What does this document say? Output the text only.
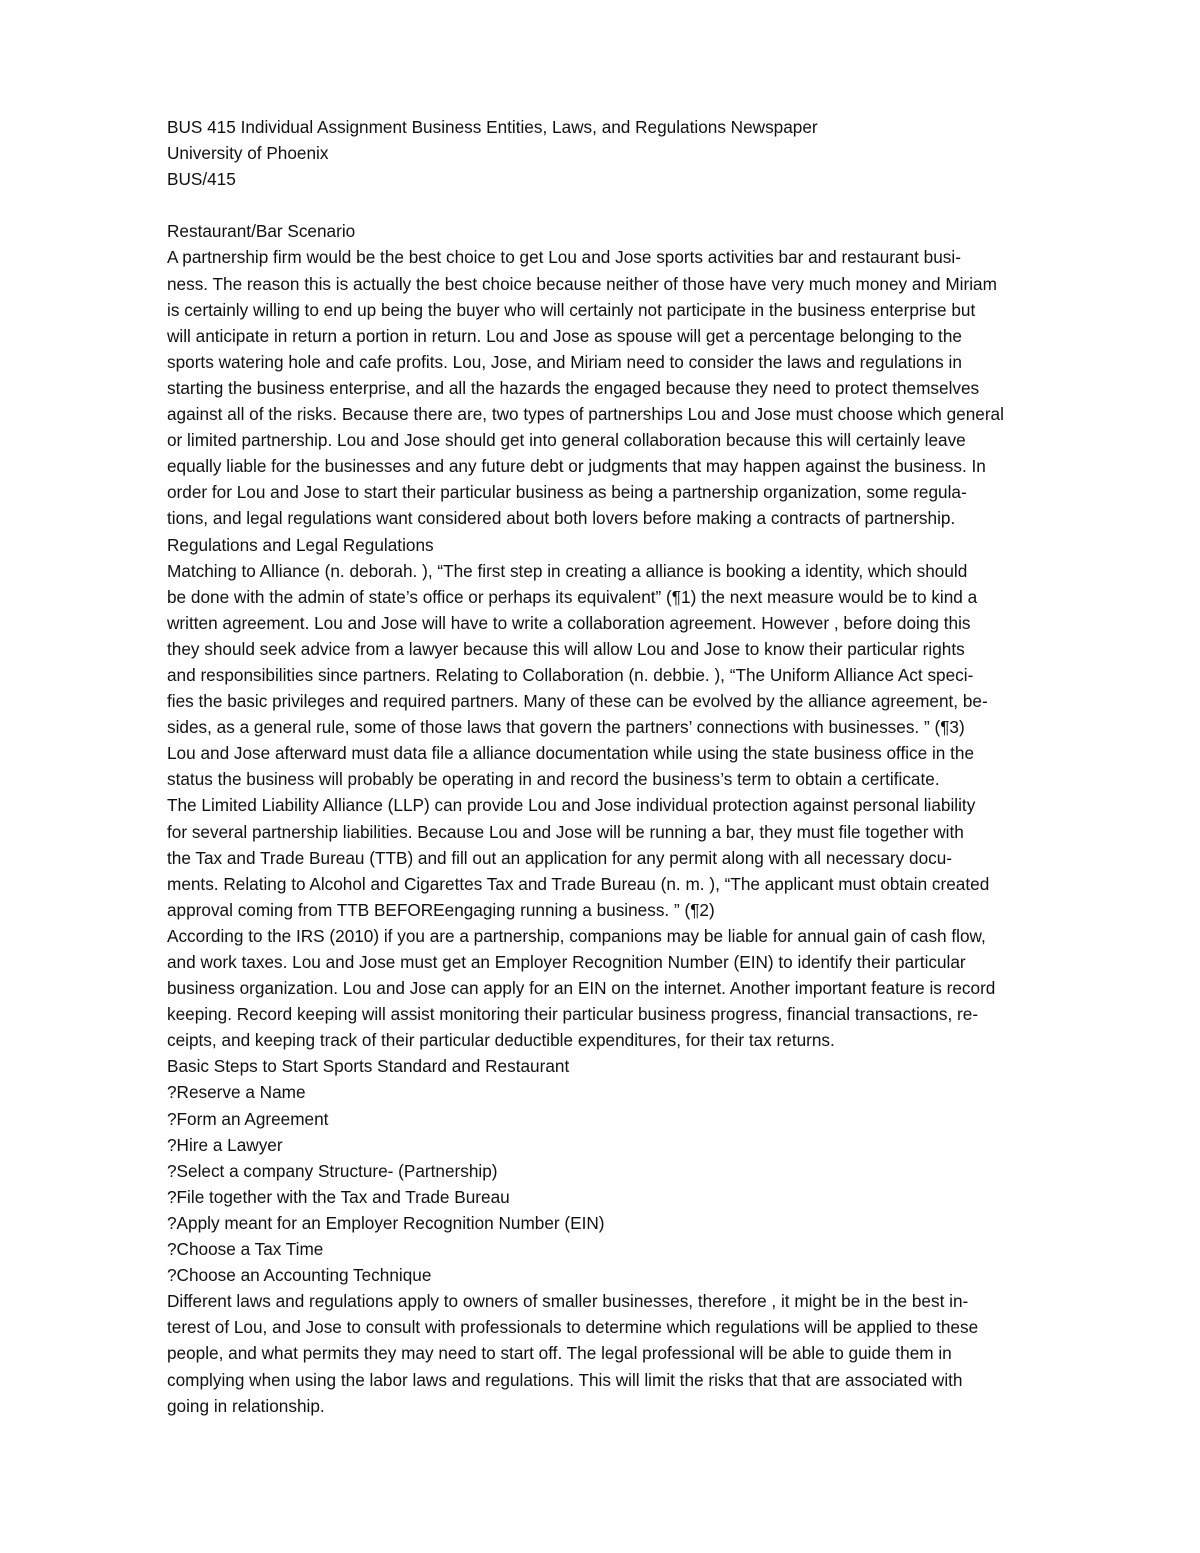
BUS 415 Individual Assignment Business Entities, Laws, and Regulations Newspaper
University of Phoenix
BUS/415
Restaurant/Bar Scenario
A partnership firm would be the best choice to get Lou and Jose sports activities bar and restaurant busi-
ness. The reason this is actually the best choice because neither of those have very much money and Miriam
is certainly willing to end up being the buyer who will certainly not participate in the business enterprise but
will anticipate in return a portion in return. Lou and Jose as spouse will get a percentage belonging to the
sports watering hole and cafe profits. Lou, Jose, and Miriam need to consider the laws and regulations in
starting the business enterprise, and all the hazards the engaged because they need to protect themselves
against all of the risks. Because there are, two types of partnerships Lou and Jose must choose which general
or limited partnership. Lou and Jose should get into general collaboration because this will certainly leave
equally liable for the businesses and any future debt or judgments that may happen against the business. In
order for Lou and Jose to start their particular business as being a partnership organization, some regula-
tions, and legal regulations want considered about both lovers before making a contracts of partnership.
Regulations and Legal Regulations
Matching to Alliance (n. deborah. ), “The first step in creating a alliance is booking a identity, which should
be done with the admin of state’s office or perhaps its equivalent” (¶1) the next measure would be to kind a
written agreement. Lou and Jose will have to write a collaboration agreement. However , before doing this
they should seek advice from a lawyer because this will allow Lou and Jose to know their particular rights
and responsibilities since partners. Relating to Collaboration (n. debbie. ), “The Uniform Alliance Act speci-
fies the basic privileges and required partners. Many of these can be evolved by the alliance agreement, be-
sides, as a general rule, some of those laws that govern the partners’ connections with businesses. ” (¶3)
Lou and Jose afterward must data file a alliance documentation while using the state business office in the
status the business will probably be operating in and record the business’s term to obtain a certificate.
The Limited Liability Alliance (LLP) can provide Lou and Jose individual protection against personal liability
for several partnership liabilities. Because Lou and Jose will be running a bar, they must file together with
the Tax and Trade Bureau (TTB) and fill out an application for any permit along with all necessary docu-
ments. Relating to Alcohol and Cigarettes Tax and Trade Bureau (n. m. ), “The applicant must obtain created
approval coming from TTB BEFOREengaging running a business. ” (¶2)
According to the IRS (2010) if you are a partnership, companions may be liable for annual gain of cash flow,
and work taxes. Lou and Jose must get an Employer Recognition Number (EIN) to identify their particular
business organization. Lou and Jose can apply for an EIN on the internet. Another important feature is record
keeping. Record keeping will assist monitoring their particular business progress, financial transactions, re-
ceipts, and keeping track of their particular deductible expenditures, for their tax returns.
Basic Steps to Start Sports Standard and Restaurant
?Reserve a Name
?Form an Agreement
?Hire a Lawyer
?Select a company Structure- (Partnership)
?File together with the Tax and Trade Bureau
?Apply meant for an Employer Recognition Number (EIN)
?Choose a Tax Time
?Choose an Accounting Technique
Different laws and regulations apply to owners of smaller businesses, therefore , it might be in the best in-
terest of Lou, and Jose to consult with professionals to determine which regulations will be applied to these
people, and what permits they may need to start off. The legal professional will be able to guide them in
complying when using the labor laws and regulations. This will limit the risks that that are associated with
going in relationship.
